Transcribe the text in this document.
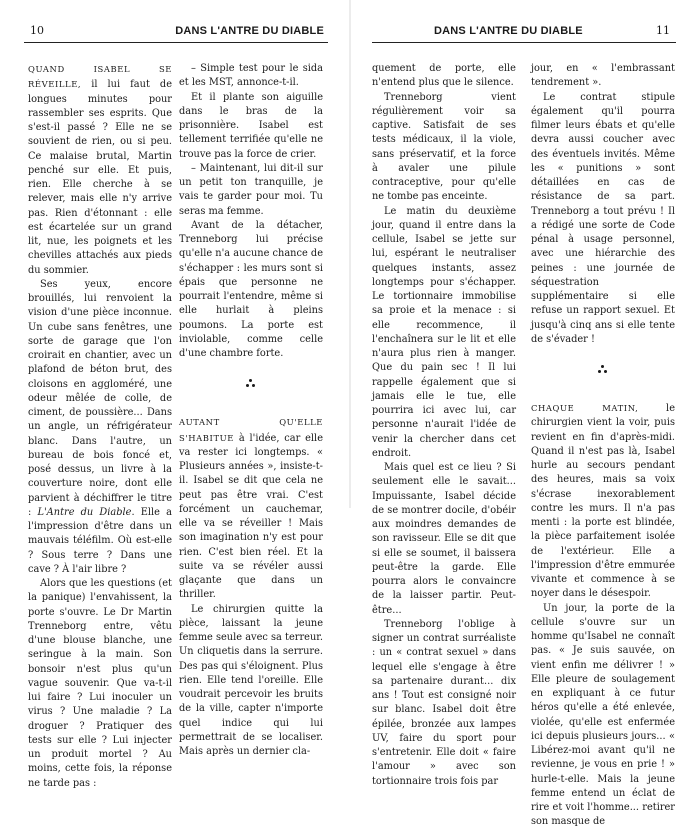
10	DANS L'ANTRE DU DIABLE

QUAND ISABEL SE RÉVEILLE, il lui faut de longues minutes pour rassembler ses esprits. Que s'est-il passé ? Elle ne se souvient de rien, ou si peu. Ce malaise brutal, Martin penché sur elle. Et puis, rien. Elle cherche à se relever, mais elle n'y arrive pas. Rien d'étonnant : elle est écartelée sur un grand lit, nue, les poignets et les chevilles attachés aux pieds du sommier.

Ses yeux, encore brouillés, lui renvoient la vision d'une pièce inconnue. Un cube sans fenêtres, une sorte de garage que l'on croirait en chantier, avec un plafond de béton brut, des cloisons en aggloméré, une odeur mêlée de colle, de ciment, de poussière... Dans un angle, un réfrigérateur blanc. Dans l'autre, un bureau de bois foncé et, posé dessus, un livre à la couverture noire, dont elle parvient à déchiffrer le titre : L'Antre du Diable. Elle a l'impression d'être dans un mauvais téléfilm. Où est-elle ? Sous terre ? Dans une cave ? À l'air libre ?

Alors que les questions (et la panique) l'envahissent, la porte s'ouvre. Le Dr Martin Trenneborg entre, vêtu d'une blouse blanche, une seringue à la main. Son bonsoir n'est plus qu'un vague souvenir. Que va-t-il lui faire ? Lui inoculer un virus ? Une maladie ? La droguer ? Pratiquer des tests sur elle ? Lui injecter un produit mortel ? Au moins, cette fois, la réponse ne tarde pas :

– Simple test pour le sida et les MST, annonce-t-il.

Et il plante son aiguille dans le bras de la prisonnière. Isabel est tellement terrifiée qu'elle ne trouve pas la force de crier.

– Maintenant, lui dit-il sur un petit ton tranquille, je vais te garder pour moi. Tu seras ma femme.

Avant de la détacher, Trenneborg lui précise qu'elle n'a aucune chance de s'échapper : les murs sont si épais que personne ne pourrait l'entendre, même si elle hurlait à pleins poumons. La porte est inviolable, comme celle d'une chambre forte.

AUTANT QU'ELLE S'HABITUE à l'idée, car elle va rester ici longtemps. « Plusieurs années », insiste-t-il. Isabel se dit que cela ne peut pas être vrai. C'est forcément un cauchemar, elle va se réveiller ! Mais son imagination n'y est pour rien. C'est bien réel. Et la suite va se révéler aussi glaçante que dans un thriller.

Le chirurgien quitte la pièce, laissant la jeune femme seule avec sa terreur. Un cliquetis dans la serrure. Des pas qui s'éloignent. Plus rien. Elle tend l'oreille. Elle voudrait percevoir les bruits de la ville, capter n'importe quel indice qui lui permettrait de se localiser. Mais après un dernier cla-

DANS L'ANTRE DU DIABLE	11

quement de porte, elle n'entend plus que le silence.

Trenneborg vient régulièrement voir sa captive. Satisfait de ses tests médicaux, il la viole, sans préservatif, et la force à avaler une pilule contraceptive, pour qu'elle ne tombe pas enceinte.

Le matin du deuxième jour, quand il entre dans la cellule, Isabel se jette sur lui, espérant le neutraliser quelques instants, assez longtemps pour s'échapper. Le tortionnaire immobilise sa proie et la menace : si elle recommence, il l'enchaînera sur le lit et elle n'aura plus rien à manger. Que du pain sec ! Il lui rappelle également que si jamais elle le tue, elle pourrira ici avec lui, car personne n'aurait l'idée de venir la chercher dans cet endroit.

Mais quel est ce lieu ? Si seulement elle le savait... Impuissante, Isabel décide de se montrer docile, d'obéir aux moindres demandes de son ravisseur. Elle se dit que si elle se soumet, il baissera peut-être la garde. Elle pourra alors le convaincre de la laisser partir. Peut-être...

Trenneborg l'oblige à signer un contrat surréaliste : un « contrat sexuel » dans lequel elle s'engage à être sa partenaire durant... dix ans ! Tout est consigné noir sur blanc. Isabel doit être épilée, bronzée aux lampes UV, faire du sport pour s'entretenir. Elle doit « faire l'amour » avec son tortionnaire trois fois par

jour, en « l'embrassant tendrement ».

Le contrat stipule également qu'il pourra filmer leurs ébats et qu'elle devra aussi coucher avec des éventuels invités. Même les « punitions » sont détaillées en cas de résistance de sa part. Trenneborg a tout prévu ! Il a rédigé une sorte de Code pénal à usage personnel, avec une hiérarchie des peines : une journée de séquestration supplémentaire si elle refuse un rapport sexuel. Et jusqu'à cinq ans si elle tente de s'évader !

CHAQUE MATIN, le chirurgien vient la voir, puis revient en fin d'après-midi. Quand il n'est pas là, Isabel hurle au secours pendant des heures, mais sa voix s'écrase inexorablement contre les murs. Il n'a pas menti : la porte est blindée, la pièce parfaitement isolée de l'extérieur. Elle a l'impression d'être emmurée vivante et commence à se noyer dans le désespoir.

Un jour, la porte de la cellule s'ouvre sur un homme qu'Isabel ne connaît pas. « Je suis sauvée, on vient enfin me délivrer ! » Elle pleure de soulagement en expliquant à ce futur héros qu'elle a été enlevée, violée, qu'elle est enfermée ici depuis plusieurs jours... « Libérez-moi avant qu'il ne revienne, je vous en prie ! » hurle-t-elle. Mais la jeune femme entend un éclat de rire et voit l'homme... retirer son masque de
